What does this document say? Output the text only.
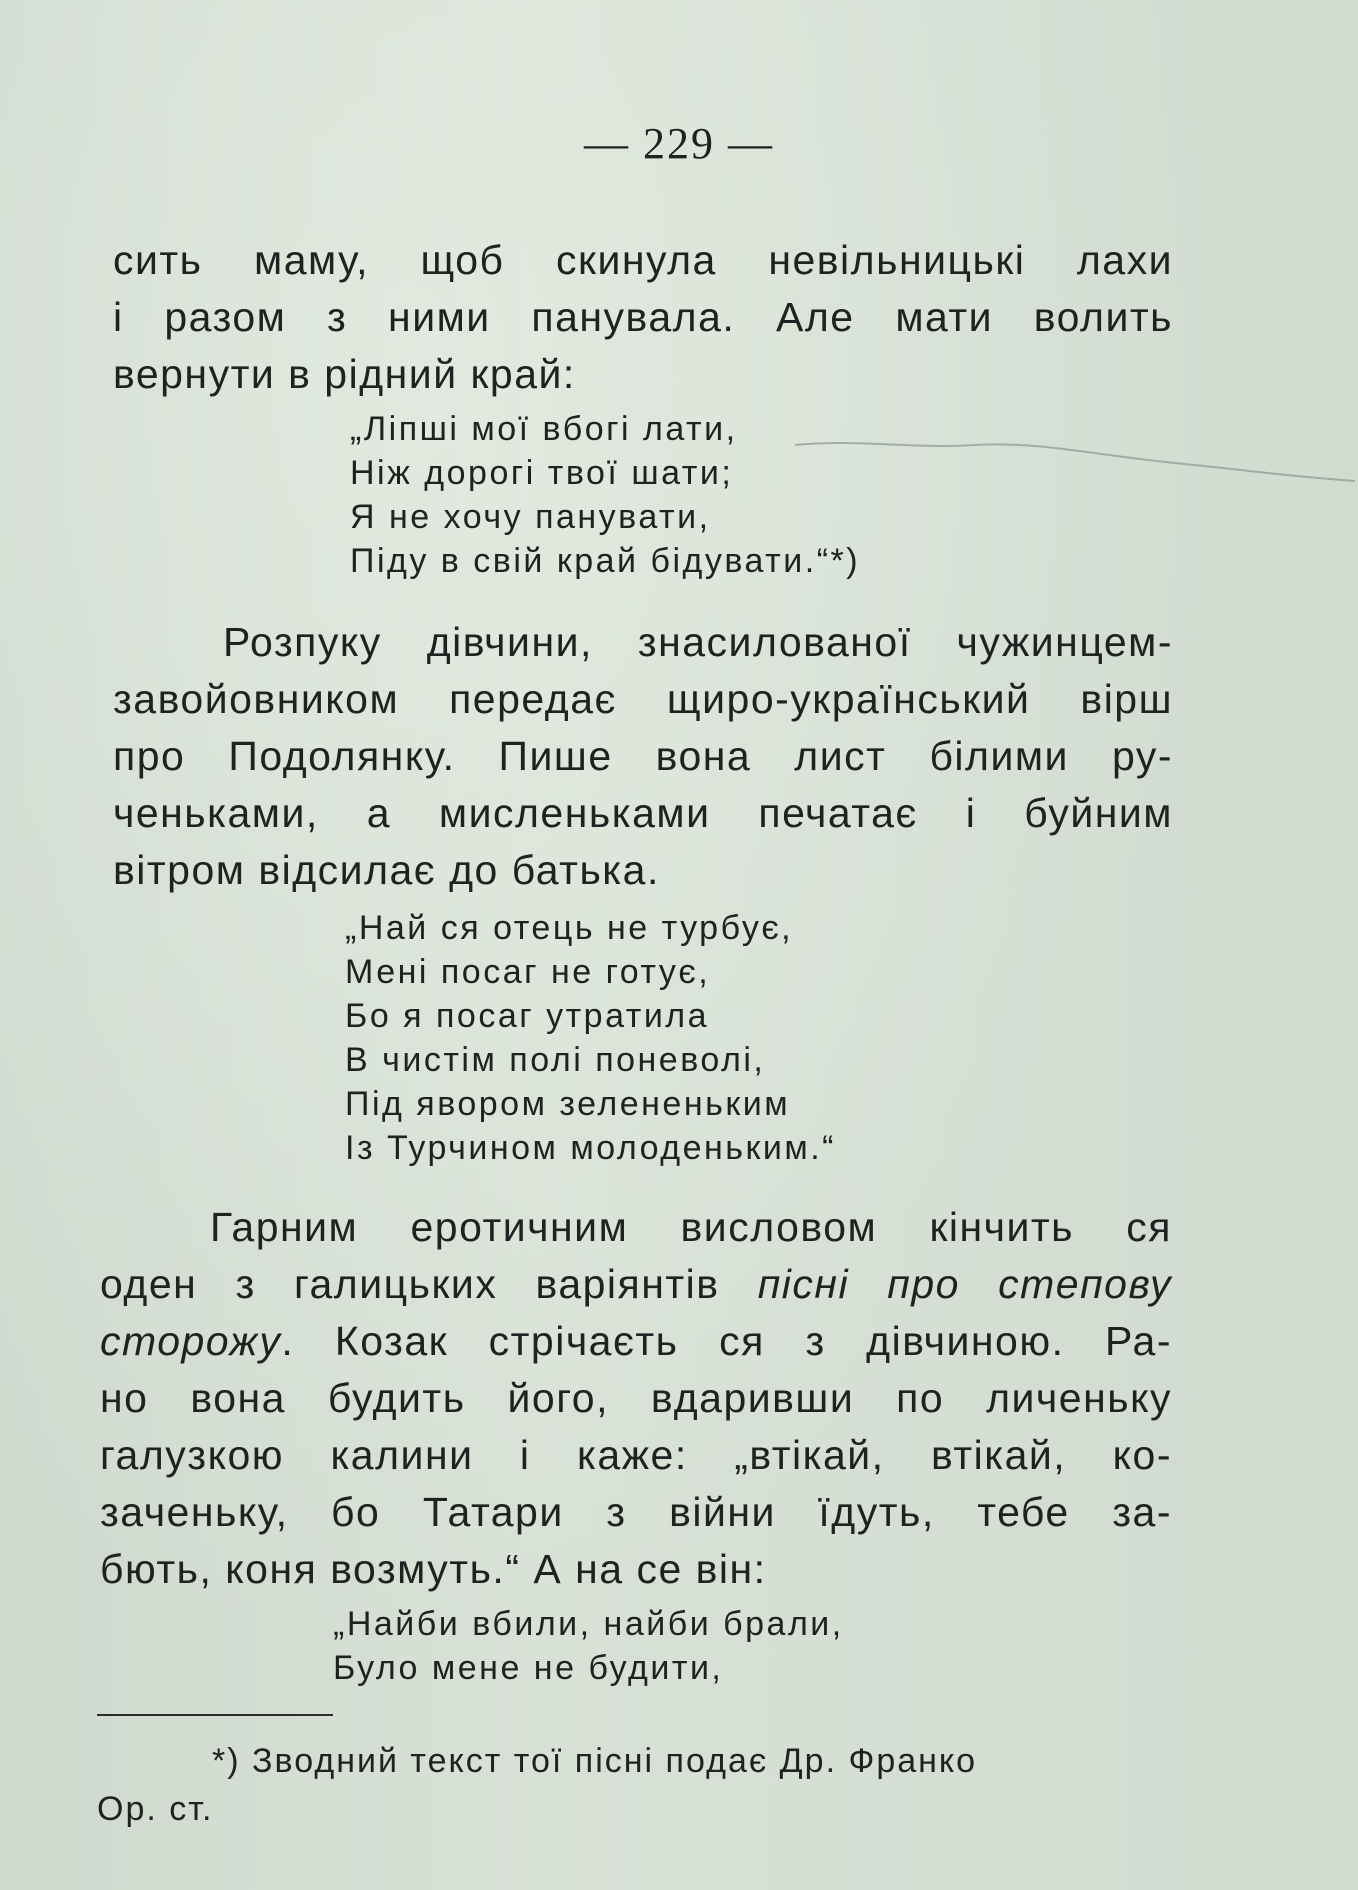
— 229 —
сить маму, щоб скинула невільницькі лахи
і разом з ними панувала. Але мати волить
вернути в рідний край:
„Ліпші мої вбогі лати,
Ніж дорогі твої шати;
Я не хочу панувати,
Піду в свій край бідувати.“*)
Розпуку дівчини, знасилованої чужинцем-
завойовником передає щиро-український вірш
про Подолянку. Пише вона лист білими ру-
ченьками, а мисленьками печатає і буйним
вітром відсилає до батька.
„Най ся отець не турбує,
Мені посаг не готує,
Бо я посаг утратила
В чистім полі поневолі,
Під явором зелененьким
Із Турчином молоденьким.“
Гарним еротичним висловом кінчить ся
оден з галицьких варіянтів пісні про степову
сторожу. Козак стрічаєть ся з дівчиною. Ра-
но вона будить його, вдаривши по личеньку
галузкою калини і каже: „втікай, втікай, ко-
заченьку, бо Татари з війни їдуть, тебе за-
бють, коня возмуть.“ А на се він:
„Найби вбили, найби брали,
Було мене не будити,
*) Зводний текст тої пісні подає Др. Франко
Ор. ст.
